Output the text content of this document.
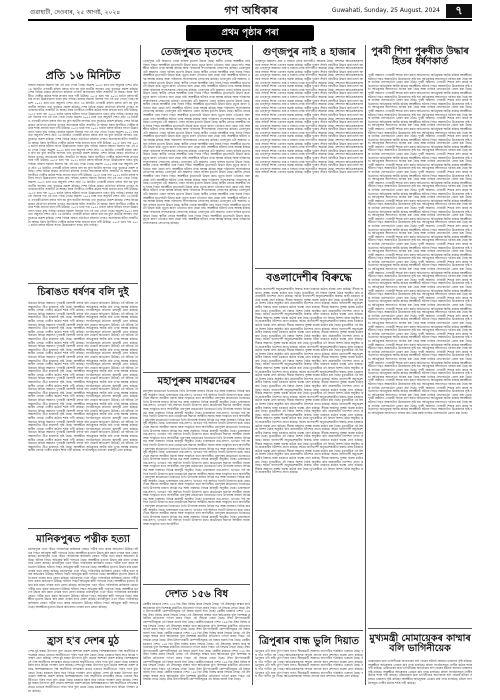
গুৱাহাটী, দেওবাৰ, ২৫ আগষ্ট, ২০২৪	গণ অধিকাৰ	Guwahati, Sunday, 25 August, 2024	৭
প্ৰথম পৃষ্ঠাৰ পৰা
প্ৰতি ১৬ মিনিটত

ৰাজ্যৰ সকলো জিলাৰ পৰা এই তথ্য পোৱা গৈছে। অৱশ্যে ২০২২ চনৰ তথ্য অনুসৰি দেশত প্ৰতি ১৬ মিনিটত এগৰাকী মহিলা ধৰ্ষণৰ বলি হয় বুলি জাতীয় অপৰাধ তথ্য ব্যুৰোৱে প্ৰকাশ কৰিছে। দেশৰ বিভিন্ন প্ৰান্তত প্ৰতিদিনে মহিলাৰ ওপৰত অত্যাচাৰৰ ঘটনা সংঘটিত হৈ আছে। ইয়াৰ বিপৰীতে দোষীক কঠোৰ শাস্তি প্ৰদানৰ বাবে দাবী উঠিছে। ২০১৮ চনৰ পৰা ২০২২ চনলৈ ধৰ্ষণৰ ঘটনাৰ সংখ্যা উল্লেখযোগ্য হাৰত বৃদ্ধি পাইছে। ৰাজ্যৰ সকলো জিলাৰ পৰা এই তথ্য পোৱা গৈছে। অৱশ্যে ২০২২ চনৰ তথ্য অনুসৰি দেশত প্ৰতি ১৬ মিনিটত এগৰাকী মহিলা ধৰ্ষণৰ বলি হয় বুলি জাতীয় অপৰাধ তথ্য ব্যুৰোৱে প্ৰকাশ কৰিছে। দেশৰ বিভিন্ন প্ৰান্তত প্ৰতিদিনে মহিলাৰ ওপৰত অত্যাচাৰৰ ঘটনা সংঘটিত হৈ আছে। ইয়াৰ বিপৰীতে দোষীক কঠোৰ শাস্তি প্ৰদানৰ বাবে দাবী উঠিছে। ২০১৮ চনৰ পৰা ২০২২ চনলৈ ধৰ্ষণৰ ঘটনাৰ সংখ্যা উল্লেখযোগ্য হাৰত বৃদ্ধি পাইছে। ৰাজ্যৰ সকলো জিলাৰ পৰা এই তথ্য পোৱা গৈছে। অৱশ্যে ২০২২ চনৰ তথ্য অনুসৰি দেশত প্ৰতি ১৬ মিনিটত এগৰাকী মহিলা ধৰ্ষণৰ বলি হয় বুলি জাতীয় অপৰাধ তথ্য ব্যুৰোৱে প্ৰকাশ কৰিছে। দেশৰ বিভিন্ন প্ৰান্তত প্ৰতিদিনে মহিলাৰ ওপৰত অত্যাচাৰৰ ঘটনা সংঘটিত হৈ আছে। ইয়াৰ বিপৰীতে দোষীক কঠোৰ শাস্তি প্ৰদানৰ বাবে দাবী উঠিছে। ২০১৮ চনৰ পৰা ২০২২ চনলৈ ধৰ্ষণৰ ঘটনাৰ সংখ্যা উল্লেখযোগ্য হাৰত বৃদ্ধি পাইছে। ৰাজ্যৰ সকলো জিলাৰ পৰা এই তথ্য পোৱা গৈছে। অৱশ্যে ২০২২ চনৰ তথ্য অনুসৰি দেশত প্ৰতি ১৬ মিনিটত এগৰাকী মহিলা ধৰ্ষণৰ বলি হয় বুলি জাতীয় অপৰাধ তথ্য ব্যুৰোৱে প্ৰকাশ কৰিছে। দেশৰ বিভিন্ন প্ৰান্তত প্ৰতিদিনে মহিলাৰ ওপৰত অত্যাচাৰৰ ঘটনা সংঘটিত হৈ আছে। ইয়াৰ বিপৰীতে দোষীক কঠোৰ শাস্তি প্ৰদানৰ বাবে দাবী উঠিছে। ২০১৮ চনৰ পৰা ২০২২ চনলৈ ধৰ্ষণৰ ঘটনাৰ সংখ্যা উল্লেখযোগ্য হাৰত বৃদ্ধি পাইছে। ৰাজ্যৰ সকলো জিলাৰ পৰা এই তথ্য পোৱা গৈছে। অৱশ্যে ২০২২ চনৰ তথ্য অনুসৰি দেশত প্ৰতি ১৬ মিনিটত এগৰাকী মহিলা ধৰ্ষণৰ বলি হয় বুলি জাতীয় অপৰাধ তথ্য ব্যুৰোৱে প্ৰকাশ কৰিছে। দেশৰ বিভিন্ন প্ৰান্তত প্ৰতিদিনে মহিলাৰ ওপৰত অত্যাচাৰৰ ঘটনা সংঘটিত হৈ আছে। ইয়াৰ বিপৰীতে দোষীক কঠোৰ শাস্তি প্ৰদানৰ বাবে দাবী উঠিছে। ২০১৮ চনৰ পৰা ২০২২ চনলৈ ধৰ্ষণৰ ঘটনাৰ সংখ্যা উল্লেখযোগ্য হাৰত বৃদ্ধি পাইছে। ৰাজ্যৰ সকলো জিলাৰ পৰা এই তথ্য পোৱা গৈছে। অৱশ্যে ২০২২ চনৰ তথ্য অনুসৰি দেশত প্ৰতি ১৬ মিনিটত এগৰাকী মহিলা ধৰ্ষণৰ বলি হয় বুলি জাতীয় অপৰাধ তথ্য ব্যুৰোৱে প্ৰকাশ কৰিছে। দেশৰ বিভিন্ন প্ৰান্তত প্ৰতিদিনে মহিলাৰ ওপৰত অত্যাচাৰৰ ঘটনা সংঘটিত হৈ আছে। ইয়াৰ বিপৰীতে দোষীক কঠোৰ শাস্তি প্ৰদানৰ বাবে দাবী উঠিছে। ২০১৮ চনৰ পৰা ২০২২ চনলৈ ধৰ্ষণৰ ঘটনাৰ সংখ্যা উল্লেখযোগ্য হাৰত বৃদ্ধি পাইছে। ৰাজ্যৰ সকলো জিলাৰ পৰা এই তথ্য পোৱা গৈছে। অৱশ্যে ২০২২ চনৰ তথ্য অনুসৰি দেশত প্ৰতি ১৬ মিনিটত এগৰাকী মহিলা ধৰ্ষণৰ বলি হয় বুলি জাতীয় অপৰাধ তথ্য ব্যুৰোৱে প্ৰকাশ কৰিছে। দেশৰ বিভিন্ন প্ৰান্তত প্ৰতিদিনে মহিলাৰ ওপৰত অত্যাচাৰৰ ঘটনা সংঘটিত হৈ আছে। ইয়াৰ বিপৰীতে দোষীক কঠোৰ শাস্তি প্ৰদানৰ বাবে দাবী উঠিছে। ২০১৮ চনৰ পৰা ২০২২ চনলৈ ধৰ্ষণৰ ঘটনাৰ সংখ্যা উল্লেখযোগ্য হাৰত বৃদ্ধি পাইছে। ৰাজ্যৰ সকলো জিলাৰ পৰা এই তথ্য পোৱা গৈছে। অৱশ্যে ২০২২ চনৰ তথ্য অনুসৰি দেশত প্ৰতি ১৬ মিনিটত এগৰাকী মহিলা ধৰ্ষণৰ বলি হয় বুলি জাতীয় অপৰাধ তথ্য ব্যুৰোৱে প্ৰকাশ কৰিছে। দেশৰ বিভিন্ন প্ৰান্তত প্ৰতিদিনে মহিলাৰ ওপৰত অত্যাচাৰৰ ঘটনা সংঘটিত হৈ আছে। ইয়াৰ বিপৰীতে দোষীক কঠোৰ শাস্তি প্ৰদানৰ বাবে দাবী উঠিছে। ২০১৮ চনৰ পৰা ২০২২ চনলৈ ধৰ্ষণৰ ঘটনাৰ সংখ্যা উল্লেখযোগ্য হাৰত বৃদ্ধি পাইছে। ৰাজ্যৰ সকলো জিলাৰ পৰা এই তথ্য পোৱা গৈছে। অৱশ্যে ২০২২ চনৰ তথ্য অনুসৰি দেশত প্ৰতি ১৬ মিনিটত এগৰাকী মহিলা ধৰ্ষণৰ বলি হয় বুলি জাতীয় অপৰাধ তথ্য ব্যুৰোৱে প্ৰকাশ কৰিছে। দেশৰ বিভিন্ন প্ৰান্তত প্ৰতিদিনে মহিলাৰ ওপৰত অত্যাচাৰৰ ঘটনা সংঘটিত হৈ আছে। ইয়াৰ বিপৰীতে দোষীক কঠোৰ শাস্তি প্ৰদানৰ বাবে দাবী উঠিছে। ২০১৮ চনৰ পৰা ২০২২ চনলৈ ধৰ্ষণৰ ঘটনাৰ সংখ্যা উল্লেখযোগ্য হাৰত বৃদ্ধি পাইছে।

চিৰাঙত ধৰ্ষণৰ বলি দুই

চিৰাঙৰ বিভিন্ন অঞ্চলত দুগৰাকী কিশোৰী ধৰ্ষণৰ বলি হোৱাৰ অভিযোগ উঠিছে। এই ঘটনাক লৈ অঞ্চলটোত তীব্ৰ চাঞ্চল্যৰ সৃষ্টি হৈছে। আৰক্ষীয়ে অভিযুক্তক আটক কৰি তদন্ত আৰম্ভ কৰিছে। স্থানীয় লোকে দোষীৰ কঠোৰ শাস্তি দাবী কৰিছে। সংগঠনসমূহে প্ৰতিবাদ কাৰ্যসূচী গ্ৰহণ কৰিছে। চিৰাঙৰ বিভিন্ন অঞ্চলত দুগৰাকী কিশোৰী ধৰ্ষণৰ বলি হোৱাৰ অভিযোগ উঠিছে। এই ঘটনাক লৈ অঞ্চলটোত তীব্ৰ চাঞ্চল্যৰ সৃষ্টি হৈছে। আৰক্ষীয়ে অভিযুক্তক আটক কৰি তদন্ত আৰম্ভ কৰিছে। স্থানীয় লোকে দোষীৰ কঠোৰ শাস্তি দাবী কৰিছে। সংগঠনসমূহে প্ৰতিবাদ কাৰ্যসূচী গ্ৰহণ কৰিছে। চিৰাঙৰ বিভিন্ন অঞ্চলত দুগৰাকী কিশোৰী ধৰ্ষণৰ বলি হোৱাৰ অভিযোগ উঠিছে। এই ঘটনাক লৈ অঞ্চলটোত তীব্ৰ চাঞ্চল্যৰ সৃষ্টি হৈছে। আৰক্ষীয়ে অভিযুক্তক আটক কৰি তদন্ত আৰম্ভ কৰিছে। স্থানীয় লোকে দোষীৰ কঠোৰ শাস্তি দাবী কৰিছে। সংগঠনসমূহে প্ৰতিবাদ কাৰ্যসূচী গ্ৰহণ কৰিছে। চিৰাঙৰ বিভিন্ন অঞ্চলত দুগৰাকী কিশোৰী ধৰ্ষণৰ বলি হোৱাৰ অভিযোগ উঠিছে। এই ঘটনাক লৈ অঞ্চলটোত তীব্ৰ চাঞ্চল্যৰ সৃষ্টি হৈছে। আৰক্ষীয়ে অভিযুক্তক আটক কৰি তদন্ত আৰম্ভ কৰিছে। স্থানীয় লোকে দোষীৰ কঠোৰ শাস্তি দাবী কৰিছে। সংগঠনসমূহে প্ৰতিবাদ কাৰ্যসূচী গ্ৰহণ কৰিছে। চিৰাঙৰ বিভিন্ন অঞ্চলত দুগৰাকী কিশোৰী ধৰ্ষণৰ বলি হোৱাৰ অভিযোগ উঠিছে। এই ঘটনাক লৈ অঞ্চলটোত তীব্ৰ চাঞ্চল্যৰ সৃষ্টি হৈছে। আৰক্ষীয়ে অভিযুক্তক আটক কৰি তদন্ত আৰম্ভ কৰিছে। স্থানীয় লোকে দোষীৰ কঠোৰ শাস্তি দাবী কৰিছে। সংগঠনসমূহে প্ৰতিবাদ কাৰ্যসূচী গ্ৰহণ কৰিছে। চিৰাঙৰ বিভিন্ন অঞ্চলত দুগৰাকী কিশোৰী ধৰ্ষণৰ বলি হোৱাৰ অভিযোগ উঠিছে। এই ঘটনাক লৈ অঞ্চলটোত তীব্ৰ চাঞ্চল্যৰ সৃষ্টি হৈছে। আৰক্ষীয়ে অভিযুক্তক আটক কৰি তদন্ত আৰম্ভ কৰিছে। স্থানীয় লোকে দোষীৰ কঠোৰ শাস্তি দাবী কৰিছে। সংগঠনসমূহে প্ৰতিবাদ কাৰ্যসূচী গ্ৰহণ কৰিছে। চিৰাঙৰ বিভিন্ন অঞ্চলত দুগৰাকী কিশোৰী ধৰ্ষণৰ বলি হোৱাৰ অভিযোগ উঠিছে। এই ঘটনাক লৈ অঞ্চলটোত তীব্ৰ চাঞ্চল্যৰ সৃষ্টি হৈছে। আৰক্ষীয়ে অভিযুক্তক আটক কৰি তদন্ত আৰম্ভ কৰিছে। স্থানীয় লোকে দোষীৰ কঠোৰ শাস্তি দাবী কৰিছে। সংগঠনসমূহে প্ৰতিবাদ কাৰ্যসূচী গ্ৰহণ কৰিছে। চিৰাঙৰ বিভিন্ন অঞ্চলত দুগৰাকী কিশোৰী ধৰ্ষণৰ বলি হোৱাৰ অভিযোগ উঠিছে। এই ঘটনাক লৈ অঞ্চলটোত তীব্ৰ চাঞ্চল্যৰ সৃষ্টি হৈছে। আৰক্ষীয়ে অভিযুক্তক আটক কৰি তদন্ত আৰম্ভ কৰিছে। স্থানীয় লোকে দোষীৰ কঠোৰ শাস্তি দাবী কৰিছে। সংগঠনসমূহে প্ৰতিবাদ কাৰ্যসূচী গ্ৰহণ কৰিছে। চিৰাঙৰ বিভিন্ন অঞ্চলত দুগৰাকী কিশোৰী ধৰ্ষণৰ বলি হোৱাৰ অভিযোগ উঠিছে। এই ঘটনাক লৈ অঞ্চলটোত তীব্ৰ চাঞ্চল্যৰ সৃষ্টি হৈছে। আৰক্ষীয়ে অভিযুক্তক আটক কৰি তদন্ত আৰম্ভ কৰিছে। স্থানীয় লোকে দোষীৰ কঠোৰ শাস্তি দাবী কৰিছে। সংগঠনসমূহে প্ৰতিবাদ কাৰ্যসূচী গ্ৰহণ কৰিছে। চিৰাঙৰ বিভিন্ন অঞ্চলত দুগৰাকী কিশোৰী ধৰ্ষণৰ বলি হোৱাৰ অভিযোগ উঠিছে। এই ঘটনাক লৈ অঞ্চলটোত তীব্ৰ চাঞ্চল্যৰ সৃষ্টি হৈছে। আৰক্ষীয়ে অভিযুক্তক আটক কৰি তদন্ত আৰম্ভ কৰিছে। স্থানীয় লোকে দোষীৰ কঠোৰ শাস্তি দাবী কৰিছে। সংগঠনসমূহে প্ৰতিবাদ কাৰ্যসূচী গ্ৰহণ কৰিছে। চিৰাঙৰ বিভিন্ন অঞ্চলত দুগৰাকী কিশোৰী ধৰ্ষণৰ বলি হোৱাৰ অভিযোগ উঠিছে। এই ঘটনাক লৈ অঞ্চলটোত তীব্ৰ চাঞ্চল্যৰ সৃষ্টি হৈছে। আৰক্ষীয়ে অভিযুক্তক আটক কৰি তদন্ত আৰম্ভ কৰিছে। স্থানীয় লোকে দোষীৰ কঠোৰ শাস্তি দাবী কৰিছে। সংগঠনসমূহে প্ৰতিবাদ কাৰ্যসূচী গ্ৰহণ কৰিছে। চিৰাঙৰ বিভিন্ন অঞ্চলত দুগৰাকী কিশোৰী ধৰ্ষণৰ বলি হোৱাৰ অভিযোগ উঠিছে। এই ঘটনাক লৈ অঞ্চলটোত তীব্ৰ চাঞ্চল্যৰ সৃষ্টি হৈছে। আৰক্ষীয়ে অভিযুক্তক আটক কৰি তদন্ত আৰম্ভ কৰিছে। স্থানীয় লোকে দোষীৰ কঠোৰ শাস্তি দাবী কৰিছে। সংগঠনসমূহে প্ৰতিবাদ কাৰ্যসূচী গ্ৰহণ কৰিছে। চিৰাঙৰ বিভিন্ন অঞ্চলত দুগৰাকী কিশোৰী ধৰ্ষণৰ বলি হোৱাৰ অভিযোগ উঠিছে। এই ঘটনাক লৈ অঞ্চলটোত তীব্ৰ চাঞ্চল্যৰ সৃষ্টি হৈছে। আৰক্ষীয়ে অভিযুক্তক আটক কৰি তদন্ত আৰম্ভ কৰিছে। স্থানীয় লোকে দোষীৰ কঠোৰ শাস্তি দাবী কৰিছে। সংগঠনসমূহে প্ৰতিবাদ কাৰ্যসূচী গ্ৰহণ কৰিছে। চিৰাঙৰ বিভিন্ন অঞ্চলত দুগৰাকী কিশোৰী ধৰ্ষণৰ বলি হোৱাৰ অভিযোগ উঠিছে। এই ঘটনাক লৈ অঞ্চলটোত তীব্ৰ চাঞ্চল্যৰ সৃষ্টি হৈছে। আৰক্ষীয়ে অভিযুক্তক আটক কৰি তদন্ত আৰম্ভ কৰিছে। স্থানীয় লোকে দোষীৰ কঠোৰ শাস্তি দাবী কৰিছে। সংগঠনসমূহে প্ৰতিবাদ কাৰ্যসূচী গ্ৰহণ কৰিছে।

মানিকপুৰত পত্নীক হত্যা

মানিকপুৰৰ এখন গাঁৱত পাৰিবাৰিক কাজিয়াৰ জেৰত পত্নীক হত্যা কৰাৰ অভিযোগ উঠিছে। ঘটনাৰ পিছত অভিযুক্ত স্বামী পলাতক হৈছে। আৰক্ষীয়ে মৃতদেহ উদ্ধাৰ কৰি ময়না তদন্তৰ বাবে প্ৰেৰণ কৰিছে। মানিকপুৰৰ এখন গাঁৱত পাৰিবাৰিক কাজিয়াৰ জেৰত পত্নীক হত্যা কৰাৰ অভিযোগ উঠিছে। ঘটনাৰ পিছত অভিযুক্ত স্বামী পলাতক হৈছে। আৰক্ষীয়ে মৃতদেহ উদ্ধাৰ কৰি ময়না তদন্তৰ বাবে প্ৰেৰণ কৰিছে। মানিকপুৰৰ এখন গাঁৱত পাৰিবাৰিক কাজিয়াৰ জেৰত পত্নীক হত্যা কৰাৰ অভিযোগ উঠিছে। ঘটনাৰ পিছত অভিযুক্ত স্বামী পলাতক হৈছে। আৰক্ষীয়ে মৃতদেহ উদ্ধাৰ কৰি ময়না তদন্তৰ বাবে প্ৰেৰণ কৰিছে। মানিকপুৰৰ এখন গাঁৱত পাৰিবাৰিক কাজিয়াৰ জেৰত পত্নীক হত্যা কৰাৰ অভিযোগ উঠিছে। ঘটনাৰ পিছত অভিযুক্ত স্বামী পলাতক হৈছে। আৰক্ষীয়ে মৃতদেহ উদ্ধাৰ কৰি ময়না তদন্তৰ বাবে প্ৰেৰণ কৰিছে। মানিকপুৰৰ এখন গাঁৱত পাৰিবাৰিক কাজিয়াৰ জেৰত পত্নীক হত্যা কৰাৰ অভিযোগ উঠিছে। ঘটনাৰ পিছত অভিযুক্ত স্বামী পলাতক হৈছে। আৰক্ষীয়ে মৃতদেহ উদ্ধাৰ কৰি ময়না তদন্তৰ বাবে প্ৰেৰণ কৰিছে। মানিকপুৰৰ এখন গাঁৱত পাৰিবাৰিক কাজিয়াৰ জেৰত পত্নীক হত্যা কৰাৰ অভিযোগ উঠিছে। ঘটনাৰ পিছত অভিযুক্ত স্বামী পলাতক হৈছে। আৰক্ষীয়ে মৃতদেহ উদ্ধাৰ কৰি ময়না তদন্তৰ বাবে প্ৰেৰণ কৰিছে। মানিকপুৰৰ এখন গাঁৱত পাৰিবাৰিক কাজিয়াৰ জেৰত পত্নীক হত্যা কৰাৰ অভিযোগ উঠিছে। ঘটনাৰ পিছত অভিযুক্ত স্বামী পলাতক হৈছে। আৰক্ষীয়ে মৃতদেহ উদ্ধাৰ কৰি ময়না তদন্তৰ বাবে প্ৰেৰণ কৰিছে। মানিকপুৰৰ এখন গাঁৱত পাৰিবাৰিক কাজিয়াৰ জেৰত পত্নীক হত্যা কৰাৰ অভিযোগ উঠিছে। ঘটনাৰ পিছত অভিযুক্ত স্বামী পলাতক হৈছে। আৰক্ষীয়ে মৃতদেহ উদ্ধাৰ কৰি ময়না তদন্তৰ বাবে প্ৰেৰণ কৰিছে।

হ্ৰাস হ'ব দেশৰ মুঠ

দেশৰ মুঠ ঘৰুৱা উৎপাদন হ্ৰাস হোৱাৰ আশংকা প্ৰকাশ কৰিছে বিশেষজ্ঞসকলে। বিশ্ব অৰ্থনীতিৰ মন্দাৱস্থাৰ প্ৰভাৱ ভাৰতৰ অৰ্থনীতিতো পৰিব পাৰে বুলি কোৱা হৈছে। চৰকাৰে ইয়াৰ বাবে বিভিন্ন পদক্ষেপ গ্ৰহণ কৰিছে। দেশৰ মুঠ ঘৰুৱা উৎপাদন হ্ৰাস হোৱাৰ আশংকা প্ৰকাশ কৰিছে বিশেষজ্ঞসকলে। বিশ্ব অৰ্থনীতিৰ মন্দাৱস্থাৰ প্ৰভাৱ ভাৰতৰ অৰ্থনীতিতো পৰিব পাৰে বুলি কোৱা হৈছে। চৰকাৰে ইয়াৰ বাবে বিভিন্ন পদক্ষেপ গ্ৰহণ কৰিছে। দেশৰ মুঠ ঘৰুৱা উৎপাদন হ্ৰাস হোৱাৰ আশংকা প্ৰকাশ কৰিছে বিশেষজ্ঞসকলে। বিশ্ব অৰ্থনীতিৰ মন্দাৱস্থাৰ প্ৰভাৱ ভাৰতৰ অৰ্থনীতিতো পৰিব পাৰে বুলি কোৱা হৈছে। চৰকাৰে ইয়াৰ বাবে বিভিন্ন পদক্ষেপ গ্ৰহণ কৰিছে। দেশৰ মুঠ ঘৰুৱা উৎপাদন হ্ৰাস হোৱাৰ আশংকা প্ৰকাশ কৰিছে বিশেষজ্ঞসকলে। বিশ্ব অৰ্থনীতিৰ মন্দাৱস্থাৰ প্ৰভাৱ ভাৰতৰ অৰ্থনীতিতো পৰিব পাৰে বুলি কোৱা হৈছে। চৰকাৰে ইয়াৰ বাবে বিভিন্ন পদক্ষেপ গ্ৰহণ কৰিছে। দেশৰ মুঠ ঘৰুৱা উৎপাদন হ্ৰাস হোৱাৰ আশংকা প্ৰকাশ কৰিছে বিশেষজ্ঞসকলে। বিশ্ব অৰ্থনীতিৰ মন্দাৱস্থাৰ প্ৰভাৱ ভাৰতৰ অৰ্থনীতিতো পৰিব পাৰে বুলি কোৱা হৈছে। চৰকাৰে ইয়াৰ বাবে বিভিন্ন পদক্ষেপ গ্ৰহণ কৰিছে।

তেজপুৰত মৃতদেহ

তেজপুৰৰ এটা অঞ্চলত এজন ব্যক্তিৰ মৃতদেহ উদ্ধাৰ হৈছে। স্থানীয় লোকে আৰক্ষীক খবৰ দিয়াৰ পিছত আৰক্ষীয়ে মৃতদেহটো উদ্ধাৰ কৰে। মৃত্যুৰ কাৰণ এতিয়াও জনা যোৱা নাই। আৰক্ষীয়ে ঘটনাৰ তদন্ত আৰম্ভ কৰিছে আৰু পৰিয়ালৰ সদস্যসকলক সোধপোছ কৰিছে। তেজপুৰৰ এটা অঞ্চলত এজন ব্যক্তিৰ মৃতদেহ উদ্ধাৰ হৈছে। স্থানীয় লোকে আৰক্ষীক খবৰ দিয়াৰ পিছত আৰক্ষীয়ে মৃতদেহটো উদ্ধাৰ কৰে। মৃত্যুৰ কাৰণ এতিয়াও জনা যোৱা নাই। আৰক্ষীয়ে ঘটনাৰ তদন্ত আৰম্ভ কৰিছে আৰু পৰিয়ালৰ সদস্যসকলক সোধপোছ কৰিছে। তেজপুৰৰ এটা অঞ্চলত এজন ব্যক্তিৰ মৃতদেহ উদ্ধাৰ হৈছে। স্থানীয় লোকে আৰক্ষীক খবৰ দিয়াৰ পিছত আৰক্ষীয়ে মৃতদেহটো উদ্ধাৰ কৰে। মৃত্যুৰ কাৰণ এতিয়াও জনা যোৱা নাই। আৰক্ষীয়ে ঘটনাৰ তদন্ত আৰম্ভ কৰিছে আৰু পৰিয়ালৰ সদস্যসকলক সোধপোছ কৰিছে। তেজপুৰৰ এটা অঞ্চলত এজন ব্যক্তিৰ মৃতদেহ উদ্ধাৰ হৈছে। স্থানীয় লোকে আৰক্ষীক খবৰ দিয়াৰ পিছত আৰক্ষীয়ে মৃতদেহটো উদ্ধাৰ কৰে। মৃত্যুৰ কাৰণ এতিয়াও জনা যোৱা নাই। আৰক্ষীয়ে ঘটনাৰ তদন্ত আৰম্ভ কৰিছে আৰু পৰিয়ালৰ সদস্যসকলক সোধপোছ কৰিছে। তেজপুৰৰ এটা অঞ্চলত এজন ব্যক্তিৰ মৃতদেহ উদ্ধাৰ হৈছে। স্থানীয় লোকে আৰক্ষীক খবৰ দিয়াৰ পিছত আৰক্ষীয়ে মৃতদেহটো উদ্ধাৰ কৰে। মৃত্যুৰ কাৰণ এতিয়াও জনা যোৱা নাই। আৰক্ষীয়ে ঘটনাৰ তদন্ত আৰম্ভ কৰিছে আৰু পৰিয়ালৰ সদস্যসকলক সোধপোছ কৰিছে। তেজপুৰৰ এটা অঞ্চলত এজন ব্যক্তিৰ মৃতদেহ উদ্ধাৰ হৈছে। স্থানীয় লোকে আৰক্ষীক খবৰ দিয়াৰ পিছত আৰক্ষীয়ে মৃতদেহটো উদ্ধাৰ কৰে। মৃত্যুৰ কাৰণ এতিয়াও জনা যোৱা নাই। আৰক্ষীয়ে ঘটনাৰ তদন্ত আৰম্ভ কৰিছে আৰু পৰিয়ালৰ সদস্যসকলক সোধপোছ কৰিছে। তেজপুৰৰ এটা অঞ্চলত এজন ব্যক্তিৰ মৃতদেহ উদ্ধাৰ হৈছে। স্থানীয় লোকে আৰক্ষীক খবৰ দিয়াৰ পিছত আৰক্ষীয়ে মৃতদেহটো উদ্ধাৰ কৰে। মৃত্যুৰ কাৰণ এতিয়াও জনা যোৱা নাই। আৰক্ষীয়ে ঘটনাৰ তদন্ত আৰম্ভ কৰিছে আৰু পৰিয়ালৰ সদস্যসকলক সোধপোছ কৰিছে। তেজপুৰৰ এটা অঞ্চলত এজন ব্যক্তিৰ মৃতদেহ উদ্ধাৰ হৈছে। স্থানীয় লোকে আৰক্ষীক খবৰ দিয়াৰ পিছত আৰক্ষীয়ে মৃতদেহটো উদ্ধাৰ কৰে। মৃত্যুৰ কাৰণ এতিয়াও জনা যোৱা নাই। আৰক্ষীয়ে ঘটনাৰ তদন্ত আৰম্ভ কৰিছে আৰু পৰিয়ালৰ সদস্যসকলক সোধপোছ কৰিছে। তেজপুৰৰ এটা অঞ্চলত এজন ব্যক্তিৰ মৃতদেহ উদ্ধাৰ হৈছে। স্থানীয় লোকে আৰক্ষীক খবৰ দিয়াৰ পিছত আৰক্ষীয়ে মৃতদেহটো উদ্ধাৰ কৰে। মৃত্যুৰ কাৰণ এতিয়াও জনা যোৱা নাই। আৰক্ষীয়ে ঘটনাৰ তদন্ত আৰম্ভ কৰিছে আৰু পৰিয়ালৰ সদস্যসকলক সোধপোছ কৰিছে। তেজপুৰৰ এটা অঞ্চলত এজন ব্যক্তিৰ মৃতদেহ উদ্ধাৰ হৈছে। স্থানীয় লোকে আৰক্ষীক খবৰ দিয়াৰ পিছত আৰক্ষীয়ে মৃতদেহটো উদ্ধাৰ কৰে। মৃত্যুৰ কাৰণ এতিয়াও জনা যোৱা নাই। আৰক্ষীয়ে ঘটনাৰ তদন্ত আৰম্ভ কৰিছে আৰু পৰিয়ালৰ সদস্যসকলক সোধপোছ কৰিছে। তেজপুৰৰ এটা অঞ্চলত এজন ব্যক্তিৰ মৃতদেহ উদ্ধাৰ হৈছে। স্থানীয় লোকে আৰক্ষীক খবৰ দিয়াৰ পিছত আৰক্ষীয়ে মৃতদেহটো উদ্ধাৰ কৰে। মৃত্যুৰ কাৰণ এতিয়াও জনা যোৱা নাই। আৰক্ষীয়ে ঘটনাৰ তদন্ত আৰম্ভ কৰিছে আৰু পৰিয়ালৰ সদস্যসকলক সোধপোছ কৰিছে। তেজপুৰৰ এটা অঞ্চলত এজন ব্যক্তিৰ মৃতদেহ উদ্ধাৰ হৈছে। স্থানীয় লোকে আৰক্ষীক খবৰ দিয়াৰ পিছত আৰক্ষীয়ে মৃতদেহটো উদ্ধাৰ কৰে। মৃত্যুৰ কাৰণ এতিয়াও জনা যোৱা নাই। আৰক্ষীয়ে ঘটনাৰ তদন্ত আৰম্ভ কৰিছে আৰু পৰিয়ালৰ সদস্যসকলক সোধপোছ কৰিছে। তেজপুৰৰ এটা অঞ্চলত এজন ব্যক্তিৰ মৃতদেহ উদ্ধাৰ হৈছে। স্থানীয় লোকে আৰক্ষীক খবৰ দিয়াৰ পিছত আৰক্ষীয়ে মৃতদেহটো উদ্ধাৰ কৰে। মৃত্যুৰ কাৰণ এতিয়াও জনা যোৱা নাই। আৰক্ষীয়ে ঘটনাৰ তদন্ত আৰম্ভ কৰিছে আৰু পৰিয়ালৰ সদস্যসকলক সোধপোছ কৰিছে। তেজপুৰৰ এটা অঞ্চলত এজন ব্যক্তিৰ মৃতদেহ উদ্ধাৰ হৈছে। স্থানীয় লোকে আৰক্ষীক খবৰ দিয়াৰ পিছত আৰক্ষীয়ে মৃতদেহটো উদ্ধাৰ কৰে। মৃত্যুৰ কাৰণ এতিয়াও জনা যোৱা নাই। আৰক্ষীয়ে ঘটনাৰ তদন্ত আৰম্ভ কৰিছে আৰু পৰিয়ালৰ সদস্যসকলক সোধপোছ কৰিছে। তেজপুৰৰ এটা অঞ্চলত এজন ব্যক্তিৰ মৃতদেহ উদ্ধাৰ হৈছে। স্থানীয় লোকে আৰক্ষীক খবৰ দিয়াৰ পিছত আৰক্ষীয়ে মৃতদেহটো উদ্ধাৰ কৰে। মৃত্যুৰ কাৰণ এতিয়াও জনা যোৱা নাই। আৰক্ষীয়ে ঘটনাৰ তদন্ত আৰম্ভ কৰিছে আৰু পৰিয়ালৰ সদস্যসকলক সোধপোছ কৰিছে। তেজপুৰৰ এটা অঞ্চলত এজন ব্যক্তিৰ মৃতদেহ উদ্ধাৰ হৈছে। স্থানীয় লোকে আৰক্ষীক খবৰ দিয়াৰ পিছত আৰক্ষীয়ে মৃতদেহটো উদ্ধাৰ কৰে। মৃত্যুৰ কাৰণ এতিয়াও জনা যোৱা নাই। আৰক্ষীয়ে ঘটনাৰ তদন্ত আৰম্ভ কৰিছে আৰু পৰিয়ালৰ সদস্যসকলক সোধপোছ কৰিছে।

মহাপুৰুষ মাধৱদেৱৰ

মহাপুৰুষ মাধৱদেৱৰ তিৰোভাৱ তিথি উপলক্ষে ৰাজ্যৰ বিভিন্ন সত্ৰ আৰু নামঘৰত বিভিন্ন কাৰ্যসূচী অনুষ্ঠিত হৈছে। ভক্তসকলে নাম-প্ৰসংগ, ভাগৱত পাঠ আদিৰে দিনটো উদযাপন কৰে। মাধৱদেৱৰ অৱদান অসমীয়া সমাজ আৰু সংস্কৃতিৰ বাবে অপৰিসীম। মহাপুৰুষ মাধৱদেৱৰ তিৰোভাৱ তিথি উপলক্ষে ৰাজ্যৰ বিভিন্ন সত্ৰ আৰু নামঘৰত বিভিন্ন কাৰ্যসূচী অনুষ্ঠিত হৈছে। ভক্তসকলে নাম-প্ৰসংগ, ভাগৱত পাঠ আদিৰে দিনটো উদযাপন কৰে। মাধৱদেৱৰ অৱদান অসমীয়া সমাজ আৰু সংস্কৃতিৰ বাবে অপৰিসীম। মহাপুৰুষ মাধৱদেৱৰ তিৰোভাৱ তিথি উপলক্ষে ৰাজ্যৰ বিভিন্ন সত্ৰ আৰু নামঘৰত বিভিন্ন কাৰ্যসূচী অনুষ্ঠিত হৈছে। ভক্তসকলে নাম-প্ৰসংগ, ভাগৱত পাঠ আদিৰে দিনটো উদযাপন কৰে। মাধৱদেৱৰ অৱদান অসমীয়া সমাজ আৰু সংস্কৃতিৰ বাবে অপৰিসীম। মহাপুৰুষ মাধৱদেৱৰ তিৰোভাৱ তিথি উপলক্ষে ৰাজ্যৰ বিভিন্ন সত্ৰ আৰু নামঘৰত বিভিন্ন কাৰ্যসূচী অনুষ্ঠিত হৈছে। ভক্তসকলে নাম-প্ৰসংগ, ভাগৱত পাঠ আদিৰে দিনটো উদযাপন কৰে। মাধৱদেৱৰ অৱদান অসমীয়া সমাজ আৰু সংস্কৃতিৰ বাবে অপৰিসীম। মহাপুৰুষ মাধৱদেৱৰ তিৰোভাৱ তিথি উপলক্ষে ৰাজ্যৰ বিভিন্ন সত্ৰ আৰু নামঘৰত বিভিন্ন কাৰ্যসূচী অনুষ্ঠিত হৈছে। ভক্তসকলে নাম-প্ৰসংগ, ভাগৱত পাঠ আদিৰে দিনটো উদযাপন কৰে। মাধৱদেৱৰ অৱদান অসমীয়া সমাজ আৰু সংস্কৃতিৰ বাবে অপৰিসীম। মহাপুৰুষ মাধৱদেৱৰ তিৰোভাৱ তিথি উপলক্ষে ৰাজ্যৰ বিভিন্ন সত্ৰ আৰু নামঘৰত বিভিন্ন কাৰ্যসূচী অনুষ্ঠিত হৈছে। ভক্তসকলে নাম-প্ৰসংগ, ভাগৱত পাঠ আদিৰে দিনটো উদযাপন কৰে। মাধৱদেৱৰ অৱদান অসমীয়া সমাজ আৰু সংস্কৃতিৰ বাবে অপৰিসীম। মহাপুৰুষ মাধৱদেৱৰ তিৰোভাৱ তিথি উপলক্ষে ৰাজ্যৰ বিভিন্ন সত্ৰ আৰু নামঘৰত বিভিন্ন কাৰ্যসূচী অনুষ্ঠিত হৈছে। ভক্তসকলে নাম-প্ৰসংগ, ভাগৱত পাঠ আদিৰে দিনটো উদযাপন কৰে। মাধৱদেৱৰ অৱদান অসমীয়া সমাজ আৰু সংস্কৃতিৰ বাবে অপৰিসীম। মহাপুৰুষ মাধৱদেৱৰ তিৰোভাৱ তিথি উপলক্ষে ৰাজ্যৰ বিভিন্ন সত্ৰ আৰু নামঘৰত বিভিন্ন কাৰ্যসূচী অনুষ্ঠিত হৈছে। ভক্তসকলে নাম-প্ৰসংগ, ভাগৱত পাঠ আদিৰে দিনটো উদযাপন কৰে। মাধৱদেৱৰ অৱদান অসমীয়া সমাজ আৰু সংস্কৃতিৰ বাবে অপৰিসীম। মহাপুৰুষ মাধৱদেৱৰ তিৰোভাৱ তিথি উপলক্ষে ৰাজ্যৰ বিভিন্ন সত্ৰ আৰু নামঘৰত বিভিন্ন কাৰ্যসূচী অনুষ্ঠিত হৈছে। ভক্তসকলে নাম-প্ৰসংগ, ভাগৱত পাঠ আদিৰে দিনটো উদযাপন কৰে। মাধৱদেৱৰ অৱদান অসমীয়া সমাজ আৰু সংস্কৃতিৰ বাবে অপৰিসীম। মহাপুৰুষ মাধৱদেৱৰ তিৰোভাৱ তিথি উপলক্ষে ৰাজ্যৰ বিভিন্ন সত্ৰ আৰু নামঘৰত বিভিন্ন কাৰ্যসূচী অনুষ্ঠিত হৈছে। ভক্তসকলে নাম-প্ৰসংগ, ভাগৱত পাঠ আদিৰে দিনটো উদযাপন কৰে। মাধৱদেৱৰ অৱদান অসমীয়া সমাজ আৰু সংস্কৃতিৰ বাবে অপৰিসীম। মহাপুৰুষ মাধৱদেৱৰ তিৰোভাৱ তিথি উপলক্ষে ৰাজ্যৰ বিভিন্ন সত্ৰ আৰু নামঘৰত বিভিন্ন কাৰ্যসূচী অনুষ্ঠিত হৈছে। ভক্তসকলে নাম-প্ৰসংগ, ভাগৱত পাঠ আদিৰে দিনটো উদযাপন কৰে। মাধৱদেৱৰ অৱদান অসমীয়া সমাজ আৰু সংস্কৃতিৰ বাবে অপৰিসীম। মহাপুৰুষ মাধৱদেৱৰ তিৰোভাৱ তিথি উপলক্ষে ৰাজ্যৰ বিভিন্ন সত্ৰ আৰু নামঘৰত বিভিন্ন কাৰ্যসূচী অনুষ্ঠিত হৈছে। ভক্তসকলে নাম-প্ৰসংগ, ভাগৱত পাঠ আদিৰে দিনটো উদযাপন কৰে। মাধৱদেৱৰ অৱদান অসমীয়া সমাজ আৰু সংস্কৃতিৰ বাবে অপৰিসীম। মহাপুৰুষ মাধৱদেৱৰ তিৰোভাৱ তিথি উপলক্ষে ৰাজ্যৰ বিভিন্ন সত্ৰ আৰু নামঘৰত বিভিন্ন কাৰ্যসূচী অনুষ্ঠিত হৈছে। ভক্তসকলে নাম-প্ৰসংগ, ভাগৱত পাঠ আদিৰে দিনটো উদযাপন কৰে। মাধৱদেৱৰ অৱদান অসমীয়া সমাজ আৰু সংস্কৃতিৰ বাবে অপৰিসীম। মহাপুৰুষ মাধৱদেৱৰ তিৰোভাৱ তিথি উপলক্ষে ৰাজ্যৰ বিভিন্ন সত্ৰ আৰু নামঘৰত বিভিন্ন কাৰ্যসূচী অনুষ্ঠিত হৈছে। ভক্তসকলে নাম-প্ৰসংগ, ভাগৱত পাঠ আদিৰে দিনটো উদযাপন কৰে। মাধৱদেৱৰ অৱদান অসমীয়া সমাজ আৰু সংস্কৃতিৰ বাবে অপৰিসীম।

দেশত ১৫৬ বিধ

কেন্দ্ৰীয় চৰকাৰে দেশত ১৫৬ বিধ ঔষধ নিষিদ্ধ কৰাৰ সিদ্ধান্ত লৈছে। এই ঔষধসমূহ স্বাস্থ্যৰ বাবে ক্ষতিকাৰক বুলি বিশেষজ্ঞ কমিটিয়ে প্ৰতিবেদন দাখিল কৰাৰ পিছত এই সিদ্ধান্ত লোৱা হৈছে। ঔষধ উৎপাদনকাৰী কোম্পানীসমূহক এই বিষয়ে জনাই দিয়া হৈছে। কেন্দ্ৰীয় চৰকাৰে দেশত ১৫৬ বিধ ঔষধ নিষিদ্ধ কৰাৰ সিদ্ধান্ত লৈছে। এই ঔষধসমূহ স্বাস্থ্যৰ বাবে ক্ষতিকাৰক বুলি বিশেষজ্ঞ কমিটিয়ে প্ৰতিবেদন দাখিল কৰাৰ পিছত এই সিদ্ধান্ত লোৱা হৈছে। ঔষধ উৎপাদনকাৰী কোম্পানীসমূহক এই বিষয়ে জনাই দিয়া হৈছে। কেন্দ্ৰীয় চৰকাৰে দেশত ১৫৬ বিধ ঔষধ নিষিদ্ধ কৰাৰ সিদ্ধান্ত লৈছে। এই ঔষধসমূহ স্বাস্থ্যৰ বাবে ক্ষতিকাৰক বুলি বিশেষজ্ঞ কমিটিয়ে প্ৰতিবেদন দাখিল কৰাৰ পিছত এই সিদ্ধান্ত লোৱা হৈছে। ঔষধ উৎপাদনকাৰী কোম্পানীসমূহক এই বিষয়ে জনাই দিয়া হৈছে। কেন্দ্ৰীয় চৰকাৰে দেশত ১৫৬ বিধ ঔষধ নিষিদ্ধ কৰাৰ সিদ্ধান্ত লৈছে। এই ঔষধসমূহ স্বাস্থ্যৰ বাবে ক্ষতিকাৰক বুলি বিশেষজ্ঞ কমিটিয়ে প্ৰতিবেদন দাখিল কৰাৰ পিছত এই সিদ্ধান্ত লোৱা হৈছে। ঔষধ উৎপাদনকাৰী কোম্পানীসমূহক এই বিষয়ে জনাই দিয়া হৈছে। কেন্দ্ৰীয় চৰকাৰে দেশত ১৫৬ বিধ ঔষধ নিষিদ্ধ কৰাৰ সিদ্ধান্ত লৈছে। এই ঔষধসমূহ স্বাস্থ্যৰ বাবে ক্ষতিকাৰক বুলি বিশেষজ্ঞ কমিটিয়ে প্ৰতিবেদন দাখিল কৰাৰ পিছত এই সিদ্ধান্ত লোৱা হৈছে। ঔষধ উৎপাদনকাৰী কোম্পানীসমূহক এই বিষয়ে জনাই দিয়া হৈছে। কেন্দ্ৰীয় চৰকাৰে দেশত ১৫৬ বিধ ঔষধ নিষিদ্ধ কৰাৰ সিদ্ধান্ত লৈছে। এই ঔষধসমূহ স্বাস্থ্যৰ বাবে ক্ষতিকাৰক বুলি বিশেষজ্ঞ কমিটিয়ে প্ৰতিবেদন দাখিল কৰাৰ পিছত এই সিদ্ধান্ত লোৱা হৈছে। ঔষধ উৎপাদনকাৰী কোম্পানীসমূহক এই বিষয়ে জনাই দিয়া হৈছে। কেন্দ্ৰীয় চৰকাৰে দেশত ১৫৬ বিধ ঔষধ নিষিদ্ধ কৰাৰ সিদ্ধান্ত লৈছে। এই ঔষধসমূহ স্বাস্থ্যৰ বাবে ক্ষতিকাৰক বুলি বিশেষজ্ঞ কমিটিয়ে প্ৰতিবেদন দাখিল কৰাৰ পিছত এই সিদ্ধান্ত লোৱা হৈছে। ঔষধ উৎপাদনকাৰী কোম্পানীসমূহক এই বিষয়ে জনাই দিয়া হৈছে। কেন্দ্ৰীয় চৰকাৰে দেশত ১৫৬ বিধ ঔষধ নিষিদ্ধ কৰাৰ সিদ্ধান্ত লৈছে। এই ঔষধসমূহ স্বাস্থ্যৰ বাবে ক্ষতিকাৰক বুলি বিশেষজ্ঞ কমিটিয়ে প্ৰতিবেদন দাখিল কৰাৰ পিছত এই সিদ্ধান্ত লোৱা হৈছে। ঔষধ উৎপাদনকাৰী কোম্পানীসমূহক এই বিষয়ে জনাই দিয়া হৈছে।

গুণ্জপুৰ নাই ৪ হাজাৰ

গুণ্জপুৰ অঞ্চলত প্ৰায় ৪ হাজাৰ লোক বানপানীত আক্ৰান্ত হৈছে। প্ৰশাসনে ক্ষতিগ্ৰস্তসকলৰ বাবে সাহায্য শিবিৰ খোলাৰ ব্যৱস্থা কৰিছে। ৰাষ্ট্ৰীয় দুৰ্যোগ সঁহাৰি বাহিনীয়ে উদ্ধাৰ কাৰ্য চলাই আছে। গুণ্জপুৰ অঞ্চলত প্ৰায় ৪ হাজাৰ লোক বানপানীত আক্ৰান্ত হৈছে। প্ৰশাসনে ক্ষতিগ্ৰস্তসকলৰ বাবে সাহায্য শিবিৰ খোলাৰ ব্যৱস্থা কৰিছে। ৰাষ্ট্ৰীয় দুৰ্যোগ সঁহাৰি বাহিনীয়ে উদ্ধাৰ কাৰ্য চলাই আছে। গুণ্জপুৰ অঞ্চলত প্ৰায় ৪ হাজাৰ লোক বানপানীত আক্ৰান্ত হৈছে। প্ৰশাসনে ক্ষতিগ্ৰস্তসকলৰ বাবে সাহায্য শিবিৰ খোলাৰ ব্যৱস্থা কৰিছে। ৰাষ্ট্ৰীয় দুৰ্যোগ সঁহাৰি বাহিনীয়ে উদ্ধাৰ কাৰ্য চলাই আছে। গুণ্জপুৰ অঞ্চলত প্ৰায় ৪ হাজাৰ লোক বানপানীত আক্ৰান্ত হৈছে। প্ৰশাসনে ক্ষতিগ্ৰস্তসকলৰ বাবে সাহায্য শিবিৰ খোলাৰ ব্যৱস্থা কৰিছে। ৰাষ্ট্ৰীয় দুৰ্যোগ সঁহাৰি বাহিনীয়ে উদ্ধাৰ কাৰ্য চলাই আছে। গুণ্জপুৰ অঞ্চলত প্ৰায় ৪ হাজাৰ লোক বানপানীত আক্ৰান্ত হৈছে। প্ৰশাসনে ক্ষতিগ্ৰস্তসকলৰ বাবে সাহায্য শিবিৰ খোলাৰ ব্যৱস্থা কৰিছে। ৰাষ্ট্ৰীয় দুৰ্যোগ সঁহাৰি বাহিনীয়ে উদ্ধাৰ কাৰ্য চলাই আছে। গুণ্জপুৰ অঞ্চলত প্ৰায় ৪ হাজাৰ লোক বানপানীত আক্ৰান্ত হৈছে। প্ৰশাসনে ক্ষতিগ্ৰস্তসকলৰ বাবে সাহায্য শিবিৰ খোলাৰ ব্যৱস্থা কৰিছে। ৰাষ্ট্ৰীয় দুৰ্যোগ সঁহাৰি বাহিনীয়ে উদ্ধাৰ কাৰ্য চলাই আছে। গুণ্জপুৰ অঞ্চলত প্ৰায় ৪ হাজাৰ লোক বানপানীত আক্ৰান্ত হৈছে। প্ৰশাসনে ক্ষতিগ্ৰস্তসকলৰ বাবে সাহায্য শিবিৰ খোলাৰ ব্যৱস্থা কৰিছে। ৰাষ্ট্ৰীয় দুৰ্যোগ সঁহাৰি বাহিনীয়ে উদ্ধাৰ কাৰ্য চলাই আছে। গুণ্জপুৰ অঞ্চলত প্ৰায় ৪ হাজাৰ লোক বানপানীত আক্ৰান্ত হৈছে। প্ৰশাসনে ক্ষতিগ্ৰস্তসকলৰ বাবে সাহায্য শিবিৰ খোলাৰ ব্যৱস্থা কৰিছে। ৰাষ্ট্ৰীয় দুৰ্যোগ সঁহাৰি বাহিনীয়ে উদ্ধাৰ কাৰ্য চলাই আছে। গুণ্জপুৰ অঞ্চলত প্ৰায় ৪ হাজাৰ লোক বানপানীত আক্ৰান্ত হৈছে। প্ৰশাসনে ক্ষতিগ্ৰস্তসকলৰ বাবে সাহায্য শিবিৰ খোলাৰ ব্যৱস্থা কৰিছে। ৰাষ্ট্ৰীয় দুৰ্যোগ সঁহাৰি বাহিনীয়ে উদ্ধাৰ কাৰ্য চলাই আছে। গুণ্জপুৰ অঞ্চলত প্ৰায় ৪ হাজাৰ লোক বানপানীত আক্ৰান্ত হৈছে। প্ৰশাসনে ক্ষতিগ্ৰস্তসকলৰ বাবে সাহায্য শিবিৰ খোলাৰ ব্যৱস্থা কৰিছে। ৰাষ্ট্ৰীয় দুৰ্যোগ সঁহাৰি বাহিনীয়ে উদ্ধাৰ কাৰ্য চলাই আছে। গুণ্জপুৰ অঞ্চলত প্ৰায় ৪ হাজাৰ লোক বানপানীত আক্ৰান্ত হৈছে। প্ৰশাসনে ক্ষতিগ্ৰস্তসকলৰ বাবে সাহায্য শিবিৰ খোলাৰ ব্যৱস্থা কৰিছে। ৰাষ্ট্ৰীয় দুৰ্যোগ সঁহাৰি বাহিনীয়ে উদ্ধাৰ কাৰ্য চলাই আছে। গুণ্জপুৰ অঞ্চলত প্ৰায় ৪ হাজাৰ লোক বানপানীত আক্ৰান্ত হৈছে। প্ৰশাসনে ক্ষতিগ্ৰস্তসকলৰ বাবে সাহায্য শিবিৰ খোলাৰ ব্যৱস্থা কৰিছে। ৰাষ্ট্ৰীয় দুৰ্যোগ সঁহাৰি বাহিনীয়ে উদ্ধাৰ কাৰ্য চলাই আছে। গুণ্জপুৰ অঞ্চলত প্ৰায় ৪ হাজাৰ লোক বানপানীত আক্ৰান্ত হৈছে। প্ৰশাসনে ক্ষতিগ্ৰস্তসকলৰ বাবে সাহায্য শিবিৰ খোলাৰ ব্যৱস্থা কৰিছে। ৰাষ্ট্ৰীয় দুৰ্যোগ সঁহাৰি বাহিনীয়ে উদ্ধাৰ কাৰ্য চলাই আছে। গুণ্জপুৰ অঞ্চলত প্ৰায় ৪ হাজাৰ লোক বানপানীত আক্ৰান্ত হৈছে। প্ৰশাসনে ক্ষতিগ্ৰস্তসকলৰ বাবে সাহায্য শিবিৰ খোলাৰ ব্যৱস্থা কৰিছে। ৰাষ্ট্ৰীয় দুৰ্যোগ সঁহাৰি বাহিনীয়ে উদ্ধাৰ কাৰ্য চলাই আছে। গুণ্জপুৰ অঞ্চলত প্ৰায় ৪ হাজাৰ লোক বানপানীত আক্ৰান্ত হৈছে। প্ৰশাসনে ক্ষতিগ্ৰস্তসকলৰ বাবে সাহায্য শিবিৰ খোলাৰ ব্যৱস্থা কৰিছে। ৰাষ্ট্ৰীয় দুৰ্যোগ সঁহাৰি বাহিনীয়ে উদ্ধাৰ কাৰ্য চলাই আছে। গুণ্জপুৰ অঞ্চলত প্ৰায় ৪ হাজাৰ লোক বানপানীত আক্ৰান্ত হৈছে। প্ৰশাসনে ক্ষতিগ্ৰস্তসকলৰ বাবে সাহায্য শিবিৰ খোলাৰ ব্যৱস্থা কৰিছে। ৰাষ্ট্ৰীয় দুৰ্যোগ সঁহাৰি বাহিনীয়ে উদ্ধাৰ কাৰ্য চলাই আছে।

বঙলাদেশীৰ বিৰুদ্ধে

অবৈধ বাংলাদেশী অনুপ্ৰৱেশকাৰীৰ বিৰুদ্ধে ৰাজ্য চৰকাৰে কঠোৰ ব্যৱস্থা গ্ৰহণ কৰিছে। সীমান্ত অঞ্চলত সুৰক্ষা ব্যৱস্থা কঠোৰ কৰা হৈছে। মুখ্যমন্ত্ৰীয়ে এই বিষয়ে বিশেষ বৈঠক অনুষ্ঠিত কৰি প্ৰয়োজনীয় নিৰ্দেশনা প্ৰদান কৰিছে। অবৈধ বাংলাদেশী অনুপ্ৰৱেশকাৰীৰ বিৰুদ্ধে ৰাজ্য চৰকাৰে কঠোৰ ব্যৱস্থা গ্ৰহণ কৰিছে। সীমান্ত অঞ্চলত সুৰক্ষা ব্যৱস্থা কঠোৰ কৰা হৈছে। মুখ্যমন্ত্ৰীয়ে এই বিষয়ে বিশেষ বৈঠক অনুষ্ঠিত কৰি প্ৰয়োজনীয় নিৰ্দেশনা প্ৰদান কৰিছে। অবৈধ বাংলাদেশী অনুপ্ৰৱেশকাৰীৰ বিৰুদ্ধে ৰাজ্য চৰকাৰে কঠোৰ ব্যৱস্থা গ্ৰহণ কৰিছে। সীমান্ত অঞ্চলত সুৰক্ষা ব্যৱস্থা কঠোৰ কৰা হৈছে। মুখ্যমন্ত্ৰীয়ে এই বিষয়ে বিশেষ বৈঠক অনুষ্ঠিত কৰি প্ৰয়োজনীয় নিৰ্দেশনা প্ৰদান কৰিছে। অবৈধ বাংলাদেশী অনুপ্ৰৱেশকাৰীৰ বিৰুদ্ধে ৰাজ্য চৰকাৰে কঠোৰ ব্যৱস্থা গ্ৰহণ কৰিছে। সীমান্ত অঞ্চলত সুৰক্ষা ব্যৱস্থা কঠোৰ কৰা হৈছে। মুখ্যমন্ত্ৰীয়ে এই বিষয়ে বিশেষ বৈঠক অনুষ্ঠিত কৰি প্ৰয়োজনীয় নিৰ্দেশনা প্ৰদান কৰিছে। অবৈধ বাংলাদেশী অনুপ্ৰৱেশকাৰীৰ বিৰুদ্ধে ৰাজ্য চৰকাৰে কঠোৰ ব্যৱস্থা গ্ৰহণ কৰিছে। সীমান্ত অঞ্চলত সুৰক্ষা ব্যৱস্থা কঠোৰ কৰা হৈছে। মুখ্যমন্ত্ৰীয়ে এই বিষয়ে বিশেষ বৈঠক অনুষ্ঠিত কৰি প্ৰয়োজনীয় নিৰ্দেশনা প্ৰদান কৰিছে। অবৈধ বাংলাদেশী অনুপ্ৰৱেশকাৰীৰ বিৰুদ্ধে ৰাজ্য চৰকাৰে কঠোৰ ব্যৱস্থা গ্ৰহণ কৰিছে। সীমান্ত অঞ্চলত সুৰক্ষা ব্যৱস্থা কঠোৰ কৰা হৈছে। মুখ্যমন্ত্ৰীয়ে এই বিষয়ে বিশেষ বৈঠক অনুষ্ঠিত কৰি প্ৰয়োজনীয় নিৰ্দেশনা প্ৰদান কৰিছে। অবৈধ বাংলাদেশী অনুপ্ৰৱেশকাৰীৰ বিৰুদ্ধে ৰাজ্য চৰকাৰে কঠোৰ ব্যৱস্থা গ্ৰহণ কৰিছে। সীমান্ত অঞ্চলত সুৰক্ষা ব্যৱস্থা কঠোৰ কৰা হৈছে। মুখ্যমন্ত্ৰীয়ে এই বিষয়ে বিশেষ বৈঠক অনুষ্ঠিত কৰি প্ৰয়োজনীয় নিৰ্দেশনা প্ৰদান কৰিছে। অবৈধ বাংলাদেশী অনুপ্ৰৱেশকাৰীৰ বিৰুদ্ধে ৰাজ্য চৰকাৰে কঠোৰ ব্যৱস্থা গ্ৰহণ কৰিছে। সীমান্ত অঞ্চলত সুৰক্ষা ব্যৱস্থা কঠোৰ কৰা হৈছে। মুখ্যমন্ত্ৰীয়ে এই বিষয়ে বিশেষ বৈঠক অনুষ্ঠিত কৰি প্ৰয়োজনীয় নিৰ্দেশনা প্ৰদান কৰিছে। অবৈধ বাংলাদেশী অনুপ্ৰৱেশকাৰীৰ বিৰুদ্ধে ৰাজ্য চৰকাৰে কঠোৰ ব্যৱস্থা গ্ৰহণ কৰিছে। সীমান্ত অঞ্চলত সুৰক্ষা ব্যৱস্থা কঠোৰ কৰা হৈছে। মুখ্যমন্ত্ৰীয়ে এই বিষয়ে বিশেষ বৈঠক অনুষ্ঠিত কৰি প্ৰয়োজনীয় নিৰ্দেশনা প্ৰদান কৰিছে। অবৈধ বাংলাদেশী অনুপ্ৰৱেশকাৰীৰ বিৰুদ্ধে ৰাজ্য চৰকাৰে কঠোৰ ব্যৱস্থা গ্ৰহণ কৰিছে। সীমান্ত অঞ্চলত সুৰক্ষা ব্যৱস্থা কঠোৰ কৰা হৈছে। মুখ্যমন্ত্ৰীয়ে এই বিষয়ে বিশেষ বৈঠক অনুষ্ঠিত কৰি প্ৰয়োজনীয় নিৰ্দেশনা প্ৰদান কৰিছে। অবৈধ বাংলাদেশী অনুপ্ৰৱেশকাৰীৰ বিৰুদ্ধে ৰাজ্য চৰকাৰে কঠোৰ ব্যৱস্থা গ্ৰহণ কৰিছে। সীমান্ত অঞ্চলত সুৰক্ষা ব্যৱস্থা কঠোৰ কৰা হৈছে। মুখ্যমন্ত্ৰীয়ে এই বিষয়ে বিশেষ বৈঠক অনুষ্ঠিত কৰি প্ৰয়োজনীয় নিৰ্দেশনা প্ৰদান কৰিছে। অবৈধ বাংলাদেশী অনুপ্ৰৱেশকাৰীৰ বিৰুদ্ধে ৰাজ্য চৰকাৰে কঠোৰ ব্যৱস্থা গ্ৰহণ কৰিছে। সীমান্ত অঞ্চলত সুৰক্ষা ব্যৱস্থা কঠোৰ কৰা হৈছে। মুখ্যমন্ত্ৰীয়ে এই বিষয়ে বিশেষ বৈঠক অনুষ্ঠিত কৰি প্ৰয়োজনীয় নিৰ্দেশনা প্ৰদান কৰিছে। অবৈধ বাংলাদেশী অনুপ্ৰৱেশকাৰীৰ বিৰুদ্ধে ৰাজ্য চৰকাৰে কঠোৰ ব্যৱস্থা গ্ৰহণ কৰিছে। সীমান্ত অঞ্চলত সুৰক্ষা ব্যৱস্থা কঠোৰ কৰা হৈছে। মুখ্যমন্ত্ৰীয়ে এই বিষয়ে বিশেষ বৈঠক অনুষ্ঠিত কৰি প্ৰয়োজনীয় নিৰ্দেশনা প্ৰদান কৰিছে। অবৈধ বাংলাদেশী অনুপ্ৰৱেশকাৰীৰ বিৰুদ্ধে ৰাজ্য চৰকাৰে কঠোৰ ব্যৱস্থা গ্ৰহণ কৰিছে। সীমান্ত অঞ্চলত সুৰক্ষা ব্যৱস্থা কঠোৰ কৰা হৈছে। মুখ্যমন্ত্ৰীয়ে এই বিষয়ে বিশেষ বৈঠক অনুষ্ঠিত কৰি প্ৰয়োজনীয় নিৰ্দেশনা প্ৰদান কৰিছে। অবৈধ বাংলাদেশী অনুপ্ৰৱেশকাৰীৰ বিৰুদ্ধে ৰাজ্য চৰকাৰে কঠোৰ ব্যৱস্থা গ্ৰহণ কৰিছে। সীমান্ত অঞ্চলত সুৰক্ষা ব্যৱস্থা কঠোৰ কৰা হৈছে। মুখ্যমন্ত্ৰীয়ে এই বিষয়ে বিশেষ বৈঠক অনুষ্ঠিত কৰি প্ৰয়োজনীয় নিৰ্দেশনা প্ৰদান কৰিছে। অবৈধ বাংলাদেশী অনুপ্ৰৱেশকাৰীৰ বিৰুদ্ধে ৰাজ্য চৰকাৰে কঠোৰ ব্যৱস্থা গ্ৰহণ কৰিছে। সীমান্ত অঞ্চলত সুৰক্ষা ব্যৱস্থা কঠোৰ কৰা হৈছে। মুখ্যমন্ত্ৰীয়ে এই বিষয়ে বিশেষ বৈঠক অনুষ্ঠিত কৰি প্ৰয়োজনীয় নিৰ্দেশনা প্ৰদান কৰিছে। অবৈধ বাংলাদেশী অনুপ্ৰৱেশকাৰীৰ বিৰুদ্ধে ৰাজ্য চৰকাৰে কঠোৰ ব্যৱস্থা গ্ৰহণ কৰিছে। সীমান্ত অঞ্চলত সুৰক্ষা ব্যৱস্থা কঠোৰ কৰা হৈছে। মুখ্যমন্ত্ৰীয়ে এই বিষয়ে বিশেষ বৈঠক অনুষ্ঠিত কৰি প্ৰয়োজনীয় নিৰ্দেশনা প্ৰদান কৰিছে। অবৈধ বাংলাদেশী অনুপ্ৰৱেশকাৰীৰ বিৰুদ্ধে ৰাজ্য চৰকাৰে কঠোৰ ব্যৱস্থা গ্ৰহণ কৰিছে। সীমান্ত অঞ্চলত সুৰক্ষা ব্যৱস্থা কঠোৰ কৰা হৈছে। মুখ্যমন্ত্ৰীয়ে এই বিষয়ে বিশেষ বৈঠক অনুষ্ঠিত কৰি প্ৰয়োজনীয় নিৰ্দেশনা প্ৰদান কৰিছে। অবৈধ বাংলাদেশী অনুপ্ৰৱেশকাৰীৰ বিৰুদ্ধে ৰাজ্য চৰকাৰে কঠোৰ ব্যৱস্থা গ্ৰহণ কৰিছে। সীমান্ত অঞ্চলত সুৰক্ষা ব্যৱস্থা কঠোৰ কৰা হৈছে। মুখ্যমন্ত্ৰীয়ে এই বিষয়ে বিশেষ বৈঠক অনুষ্ঠিত কৰি প্ৰয়োজনীয় নিৰ্দেশনা প্ৰদান কৰিছে। অবৈধ বাংলাদেশী অনুপ্ৰৱেশকাৰীৰ বিৰুদ্ধে ৰাজ্য চৰকাৰে কঠোৰ ব্যৱস্থা গ্ৰহণ কৰিছে। সীমান্ত অঞ্চলত সুৰক্ষা ব্যৱস্থা কঠোৰ কৰা হৈছে। মুখ্যমন্ত্ৰীয়ে এই বিষয়ে বিশেষ বৈঠক অনুষ্ঠিত কৰি প্ৰয়োজনীয় নিৰ্দেশনা প্ৰদান কৰিছে। অবৈধ বাংলাদেশী অনুপ্ৰৱেশকাৰীৰ বিৰুদ্ধে ৰাজ্য চৰকাৰে কঠোৰ ব্যৱস্থা গ্ৰহণ কৰিছে। সীমান্ত অঞ্চলত সুৰক্ষা ব্যৱস্থা কঠোৰ কৰা হৈছে। মুখ্যমন্ত্ৰীয়ে এই বিষয়ে বিশেষ বৈঠক অনুষ্ঠিত কৰি প্ৰয়োজনীয় নিৰ্দেশনা প্ৰদান কৰিছে। অবৈধ বাংলাদেশী অনুপ্ৰৱেশকাৰীৰ বিৰুদ্ধে ৰাজ্য চৰকাৰে কঠোৰ ব্যৱস্থা গ্ৰহণ কৰিছে। সীমান্ত অঞ্চলত সুৰক্ষা ব্যৱস্থা কঠোৰ কৰা হৈছে। মুখ্যমন্ত্ৰীয়ে এই বিষয়ে বিশেষ বৈঠক অনুষ্ঠিত কৰি প্ৰয়োজনীয় নিৰ্দেশনা প্ৰদান কৰিছে।

ত্ৰিপুৰাৰ বান্ধ ভুলি দিয়াত

ত্ৰিপুৰাৰ এটা বান্ধ খুলি দিয়াৰ ফলত সীমান্তৱৰ্তী অঞ্চলত বানপানীৰ পৰিস্থিতি গুৰুতৰ হৈছে। বহু গাঁও পানীত বুৰ গৈছে। ক্ষতিগ্ৰস্তসকলক সাহায্য প্ৰদানৰ বাবে প্ৰশাসনে ব্যৱস্থা গ্ৰহণ কৰিছে। ত্ৰিপুৰাৰ এটা বান্ধ খুলি দিয়াৰ ফলত সীমান্তৱৰ্তী অঞ্চলত বানপানীৰ পৰিস্থিতি গুৰুতৰ হৈছে। বহু গাঁও পানীত বুৰ গৈছে। ক্ষতিগ্ৰস্তসকলক সাহায্য প্ৰদানৰ বাবে প্ৰশাসনে ব্যৱস্থা গ্ৰহণ কৰিছে। ত্ৰিপুৰাৰ এটা বান্ধ খুলি দিয়াৰ ফলত সীমান্তৱৰ্তী অঞ্চলত বানপানীৰ পৰিস্থিতি গুৰুতৰ হৈছে। বহু গাঁও পানীত বুৰ গৈছে। ক্ষতিগ্ৰস্তসকলক সাহায্য প্ৰদানৰ বাবে প্ৰশাসনে ব্যৱস্থা গ্ৰহণ কৰিছে। ত্ৰিপুৰাৰ এটা বান্ধ খুলি দিয়াৰ ফলত সীমান্তৱৰ্তী অঞ্চলত বানপানীৰ পৰিস্থিতি গুৰুতৰ হৈছে। বহু গাঁও পানীত বুৰ গৈছে। ক্ষতিগ্ৰস্তসকলক সাহায্য প্ৰদানৰ বাবে প্ৰশাসনে ব্যৱস্থা গ্ৰহণ কৰিছে।

পুৰবী শিশা পুৰুষীত উদ্ধাৰ হিতৰ ধৰ্ষণকাৰ্ত

পুৰবী অঞ্চলত এগৰাকী শিশুক ধৰ্ষণ কৰাৰ অভিযোগত অভিযুক্তক আটক কৰিছে আৰক্ষীয়ে। ঘটনাৰ পিছত অঞ্চলটোত উত্তেজনাৰ সৃষ্টি হয়। অভিযুক্তক আদালতত হাজিৰ কৰা হৈছে আৰু ন্যায়িক হেফাজতলৈ প্ৰেৰণ কৰা হৈছে। পুৰবী অঞ্চলত এগৰাকী শিশুক ধৰ্ষণ কৰাৰ অভিযোগত অভিযুক্তক আটক কৰিছে আৰক্ষীয়ে। ঘটনাৰ পিছত অঞ্চলটোত উত্তেজনাৰ সৃষ্টি হয়। অভিযুক্তক আদালতত হাজিৰ কৰা হৈছে আৰু ন্যায়িক হেফাজতলৈ প্ৰেৰণ কৰা হৈছে। পুৰবী অঞ্চলত এগৰাকী শিশুক ধৰ্ষণ কৰাৰ অভিযোগত অভিযুক্তক আটক কৰিছে আৰক্ষীয়ে। ঘটনাৰ পিছত অঞ্চলটোত উত্তেজনাৰ সৃষ্টি হয়। অভিযুক্তক আদালতত হাজিৰ কৰা হৈছে আৰু ন্যায়িক হেফাজতলৈ প্ৰেৰণ কৰা হৈছে। পুৰবী অঞ্চলত এগৰাকী শিশুক ধৰ্ষণ কৰাৰ অভিযোগত অভিযুক্তক আটক কৰিছে আৰক্ষীয়ে। ঘটনাৰ পিছত অঞ্চলটোত উত্তেজনাৰ সৃষ্টি হয়। অভিযুক্তক আদালতত হাজিৰ কৰা হৈছে আৰু ন্যায়িক হেফাজতলৈ প্ৰেৰণ কৰা হৈছে। পুৰবী অঞ্চলত এগৰাকী শিশুক ধৰ্ষণ কৰাৰ অভিযোগত অভিযুক্তক আটক কৰিছে আৰক্ষীয়ে। ঘটনাৰ পিছত অঞ্চলটোত উত্তেজনাৰ সৃষ্টি হয়। অভিযুক্তক আদালতত হাজিৰ কৰা হৈছে আৰু ন্যায়িক হেফাজতলৈ প্ৰেৰণ কৰা হৈছে। পুৰবী অঞ্চলত এগৰাকী শিশুক ধৰ্ষণ কৰাৰ অভিযোগত অভিযুক্তক আটক কৰিছে আৰক্ষীয়ে। ঘটনাৰ পিছত অঞ্চলটোত উত্তেজনাৰ সৃষ্টি হয়। অভিযুক্তক আদালতত হাজিৰ কৰা হৈছে আৰু ন্যায়িক হেফাজতলৈ প্ৰেৰণ কৰা হৈছে। পুৰবী অঞ্চলত এগৰাকী শিশুক ধৰ্ষণ কৰাৰ অভিযোগত অভিযুক্তক আটক কৰিছে আৰক্ষীয়ে। ঘটনাৰ পিছত অঞ্চলটোত উত্তেজনাৰ সৃষ্টি হয়। অভিযুক্তক আদালতত হাজিৰ কৰা হৈছে আৰু ন্যায়িক হেফাজতলৈ প্ৰেৰণ কৰা হৈছে। পুৰবী অঞ্চলত এগৰাকী শিশুক ধৰ্ষণ কৰাৰ অভিযোগত অভিযুক্তক আটক কৰিছে আৰক্ষীয়ে। ঘটনাৰ পিছত অঞ্চলটোত উত্তেজনাৰ সৃষ্টি হয়। অভিযুক্তক আদালতত হাজিৰ কৰা হৈছে আৰু ন্যায়িক হেফাজতলৈ প্ৰেৰণ কৰা হৈছে। পুৰবী অঞ্চলত এগৰাকী শিশুক ধৰ্ষণ কৰাৰ অভিযোগত অভিযুক্তক আটক কৰিছে আৰক্ষীয়ে। ঘটনাৰ পিছত অঞ্চলটোত উত্তেজনাৰ সৃষ্টি হয়। অভিযুক্তক আদালতত হাজিৰ কৰা হৈছে আৰু ন্যায়িক হেফাজতলৈ প্ৰেৰণ কৰা হৈছে। পুৰবী অঞ্চলত এগৰাকী শিশুক ধৰ্ষণ কৰাৰ অভিযোগত অভিযুক্তক আটক কৰিছে আৰক্ষীয়ে। ঘটনাৰ পিছত অঞ্চলটোত উত্তেজনাৰ সৃষ্টি হয়। অভিযুক্তক আদালতত হাজিৰ কৰা হৈছে আৰু ন্যায়িক হেফাজতলৈ প্ৰেৰণ কৰা হৈছে। পুৰবী অঞ্চলত এগৰাকী শিশুক ধৰ্ষণ কৰাৰ অভিযোগত অভিযুক্তক আটক কৰিছে আৰক্ষীয়ে। ঘটনাৰ পিছত অঞ্চলটোত উত্তেজনাৰ সৃষ্টি হয়। অভিযুক্তক আদালতত হাজিৰ কৰা হৈছে আৰু ন্যায়িক হেফাজতলৈ প্ৰেৰণ কৰা হৈছে। পুৰবী অঞ্চলত এগৰাকী শিশুক ধৰ্ষণ কৰাৰ অভিযোগত অভিযুক্তক আটক কৰিছে আৰক্ষীয়ে। ঘটনাৰ পিছত অঞ্চলটোত উত্তেজনাৰ সৃষ্টি হয়। অভিযুক্তক আদালতত হাজিৰ কৰা হৈছে আৰু ন্যায়িক হেফাজতলৈ প্ৰেৰণ কৰা হৈছে। পুৰবী অঞ্চলত এগৰাকী শিশুক ধৰ্ষণ কৰাৰ অভিযোগত অভিযুক্তক আটক কৰিছে আৰক্ষীয়ে। ঘটনাৰ পিছত অঞ্চলটোত উত্তেজনাৰ সৃষ্টি হয়। অভিযুক্তক আদালতত হাজিৰ কৰা হৈছে আৰু ন্যায়িক হেফাজতলৈ প্ৰেৰণ কৰা হৈছে। পুৰবী অঞ্চলত এগৰাকী শিশুক ধৰ্ষণ কৰাৰ অভিযোগত অভিযুক্তক আটক কৰিছে আৰক্ষীয়ে। ঘটনাৰ পিছত অঞ্চলটোত উত্তেজনাৰ সৃষ্টি হয়। অভিযুক্তক আদালতত হাজিৰ কৰা হৈছে আৰু ন্যায়িক হেফাজতলৈ প্ৰেৰণ কৰা হৈছে। পুৰবী অঞ্চলত এগৰাকী শিশুক ধৰ্ষণ কৰাৰ অভিযোগত অভিযুক্তক আটক কৰিছে আৰক্ষীয়ে। ঘটনাৰ পিছত অঞ্চলটোত উত্তেজনাৰ সৃষ্টি হয়। অভিযুক্তক আদালতত হাজিৰ কৰা হৈছে আৰু ন্যায়িক হেফাজতলৈ প্ৰেৰণ কৰা হৈছে। পুৰবী অঞ্চলত এগৰাকী শিশুক ধৰ্ষণ কৰাৰ অভিযোগত অভিযুক্তক আটক কৰিছে আৰক্ষীয়ে। ঘটনাৰ পিছত অঞ্চলটোত উত্তেজনাৰ সৃষ্টি হয়। অভিযুক্তক আদালতত হাজিৰ কৰা হৈছে আৰু ন্যায়িক হেফাজতলৈ প্ৰেৰণ কৰা হৈছে। পুৰবী অঞ্চলত এগৰাকী শিশুক ধৰ্ষণ কৰাৰ অভিযোগত অভিযুক্তক আটক কৰিছে আৰক্ষীয়ে। ঘটনাৰ পিছত অঞ্চলটোত উত্তেজনাৰ সৃষ্টি হয়। অভিযুক্তক আদালতত হাজিৰ কৰা হৈছে আৰু ন্যায়িক হেফাজতলৈ প্ৰেৰণ কৰা হৈছে। পুৰবী অঞ্চলত এগৰাকী শিশুক ধৰ্ষণ কৰাৰ অভিযোগত অভিযুক্তক আটক কৰিছে আৰক্ষীয়ে। ঘটনাৰ পিছত অঞ্চলটোত উত্তেজনাৰ সৃষ্টি হয়। অভিযুক্তক আদালতত হাজিৰ কৰা হৈছে আৰু ন্যায়িক হেফাজতলৈ প্ৰেৰণ কৰা হৈছে। পুৰবী অঞ্চলত এগৰাকী শিশুক ধৰ্ষণ কৰাৰ অভিযোগত অভিযুক্তক আটক কৰিছে আৰক্ষীয়ে। ঘটনাৰ পিছত অঞ্চলটোত উত্তেজনাৰ সৃষ্টি হয়। অভিযুক্তক আদালতত হাজিৰ কৰা হৈছে আৰু ন্যায়িক হেফাজতলৈ প্ৰেৰণ কৰা হৈছে। পুৰবী অঞ্চলত এগৰাকী শিশুক ধৰ্ষণ কৰাৰ অভিযোগত অভিযুক্তক আটক কৰিছে আৰক্ষীয়ে। ঘটনাৰ পিছত অঞ্চলটোত উত্তেজনাৰ সৃষ্টি হয়। অভিযুক্তক আদালতত হাজিৰ কৰা হৈছে আৰু ন্যায়িক হেফাজতলৈ প্ৰেৰণ কৰা হৈছে। পুৰবী অঞ্চলত এগৰাকী শিশুক ধৰ্ষণ কৰাৰ অভিযোগত অভিযুক্তক আটক কৰিছে আৰক্ষীয়ে। ঘটনাৰ পিছত অঞ্চলটোত উত্তেজনাৰ সৃষ্টি হয়। অভিযুক্তক আদালতত হাজিৰ কৰা হৈছে আৰু ন্যায়িক হেফাজতলৈ প্ৰেৰণ কৰা হৈছে। পুৰবী অঞ্চলত এগৰাকী শিশুক ধৰ্ষণ কৰাৰ অভিযোগত অভিযুক্তক আটক কৰিছে আৰক্ষীয়ে। ঘটনাৰ পিছত অঞ্চলটোত উত্তেজনাৰ সৃষ্টি হয়। অভিযুক্তক আদালতত হাজিৰ কৰা হৈছে আৰু ন্যায়িক হেফাজতলৈ প্ৰেৰণ কৰা হৈছে। পুৰবী অঞ্চলত এগৰাকী শিশুক ধৰ্ষণ কৰাৰ অভিযোগত অভিযুক্তক আটক কৰিছে আৰক্ষীয়ে। ঘটনাৰ পিছত অঞ্চলটোত উত্তেজনাৰ সৃষ্টি হয়। অভিযুক্তক আদালতত হাজিৰ কৰা হৈছে আৰু ন্যায়িক হেফাজতলৈ প্ৰেৰণ কৰা হৈছে। পুৰবী অঞ্চলত এগৰাকী শিশুক ধৰ্ষণ কৰাৰ অভিযোগত অভিযুক্তক আটক কৰিছে আৰক্ষীয়ে। ঘটনাৰ পিছত অঞ্চলটোত উত্তেজনাৰ সৃষ্টি হয়। অভিযুক্তক আদালতত হাজিৰ কৰা হৈছে আৰু ন্যায়িক হেফাজতলৈ প্ৰেৰণ কৰা হৈছে। পুৰবী অঞ্চলত এগৰাকী শিশুক ধৰ্ষণ কৰাৰ অভিযোগত অভিযুক্তক আটক কৰিছে আৰক্ষীয়ে। ঘটনাৰ পিছত অঞ্চলটোত উত্তেজনাৰ সৃষ্টি হয়। অভিযুক্তক আদালতত হাজিৰ কৰা হৈছে আৰু ন্যায়িক হেফাজতলৈ প্ৰেৰণ কৰা হৈছে। পুৰবী অঞ্চলত এগৰাকী শিশুক ধৰ্ষণ কৰাৰ অভিযোগত অভিযুক্তক আটক কৰিছে আৰক্ষীয়ে। ঘটনাৰ পিছত অঞ্চলটোত উত্তেজনাৰ সৃষ্টি হয়। অভিযুক্তক আদালতত হাজিৰ কৰা হৈছে আৰু ন্যায়িক হেফাজতলৈ প্ৰেৰণ কৰা হৈছে। পুৰবী অঞ্চলত এগৰাকী শিশুক ধৰ্ষণ কৰাৰ অভিযোগত অভিযুক্তক আটক কৰিছে আৰক্ষীয়ে। ঘটনাৰ পিছত অঞ্চলটোত উত্তেজনাৰ সৃষ্টি হয়। অভিযুক্তক আদালতত হাজিৰ কৰা হৈছে আৰু ন্যায়িক হেফাজতলৈ প্ৰেৰণ কৰা হৈছে। পুৰবী অঞ্চলত এগৰাকী শিশুক ধৰ্ষণ কৰাৰ অভিযোগত অভিযুক্তক আটক কৰিছে আৰক্ষীয়ে। ঘটনাৰ পিছত অঞ্চলটোত উত্তেজনাৰ সৃষ্টি হয়। অভিযুক্তক আদালতত হাজিৰ কৰা হৈছে আৰু ন্যায়িক হেফাজতলৈ প্ৰেৰণ কৰা হৈছে। পুৰবী অঞ্চলত এগৰাকী শিশুক ধৰ্ষণ কৰাৰ অভিযোগত অভিযুক্তক আটক কৰিছে আৰক্ষীয়ে। ঘটনাৰ পিছত অঞ্চলটোত উত্তেজনাৰ সৃষ্টি হয়। অভিযুক্তক আদালতত হাজিৰ কৰা হৈছে আৰু ন্যায়িক হেফাজতলৈ প্ৰেৰণ কৰা হৈছে। পুৰবী অঞ্চলত এগৰাকী শিশুক ধৰ্ষণ কৰাৰ অভিযোগত অভিযুক্তক আটক কৰিছে আৰক্ষীয়ে। ঘটনাৰ পিছত অঞ্চলটোত উত্তেজনাৰ সৃষ্টি হয়। অভিযুক্তক আদালতত হাজিৰ কৰা হৈছে আৰু ন্যায়িক হেফাজতলৈ প্ৰেৰণ কৰা হৈছে। পুৰবী অঞ্চলত এগৰাকী শিশুক ধৰ্ষণ কৰাৰ অভিযোগত অভিযুক্তক আটক কৰিছে আৰক্ষীয়ে। ঘটনাৰ পিছত অঞ্চলটোত উত্তেজনাৰ সৃষ্টি হয়। অভিযুক্তক আদালতত হাজিৰ কৰা হৈছে আৰু ন্যায়িক হেফাজতলৈ প্ৰেৰণ কৰা হৈছে। পুৰবী অঞ্চলত এগৰাকী শিশুক ধৰ্ষণ কৰাৰ অভিযোগত অভিযুক্তক আটক কৰিছে আৰক্ষীয়ে। ঘটনাৰ পিছত অঞ্চলটোত উত্তেজনাৰ সৃষ্টি হয়। অভিযুক্তক আদালতত হাজিৰ কৰা হৈছে আৰু ন্যায়িক হেফাজতলৈ প্ৰেৰণ কৰা হৈছে। পুৰবী অঞ্চলত এগৰাকী শিশুক ধৰ্ষণ কৰাৰ অভিযোগত অভিযুক্তক আটক কৰিছে আৰক্ষীয়ে। ঘটনাৰ পিছত অঞ্চলটোত উত্তেজনাৰ সৃষ্টি হয়। অভিযুক্তক আদালতত হাজিৰ কৰা হৈছে আৰু ন্যায়িক হেফাজতলৈ প্ৰেৰণ কৰা হৈছে। পুৰবী অঞ্চলত এগৰাকী শিশুক ধৰ্ষণ কৰাৰ অভিযোগত অভিযুক্তক আটক কৰিছে আৰক্ষীয়ে। ঘটনাৰ পিছত অঞ্চলটোত উত্তেজনাৰ সৃষ্টি হয়। অভিযুক্তক আদালতত হাজিৰ কৰা হৈছে আৰু ন্যায়িক হেফাজতলৈ প্ৰেৰণ কৰা হৈছে। পুৰবী অঞ্চলত এগৰাকী শিশুক ধৰ্ষণ কৰাৰ অভিযোগত অভিযুক্তক আটক কৰিছে আৰক্ষীয়ে। ঘটনাৰ পিছত অঞ্চলটোত উত্তেজনাৰ সৃষ্টি হয়। অভিযুক্তক আদালতত হাজিৰ কৰা হৈছে আৰু ন্যায়িক হেফাজতলৈ প্ৰেৰণ কৰা হৈছে। পুৰবী অঞ্চলত এগৰাকী শিশুক ধৰ্ষণ কৰাৰ অভিযোগত অভিযুক্তক আটক কৰিছে আৰক্ষীয়ে। ঘটনাৰ পিছত অঞ্চলটোত উত্তেজনাৰ সৃষ্টি হয়। অভিযুক্তক আদালতত হাজিৰ কৰা হৈছে আৰু ন্যায়িক হেফাজতলৈ প্ৰেৰণ কৰা হৈছে। পুৰবী অঞ্চলত এগৰাকী শিশুক ধৰ্ষণ কৰাৰ অভিযোগত অভিযুক্তক আটক কৰিছে আৰক্ষীয়ে। ঘটনাৰ পিছত অঞ্চলটোত উত্তেজনাৰ সৃষ্টি হয়। অভিযুক্তক আদালতত হাজিৰ কৰা হৈছে আৰু ন্যায়িক হেফাজতলৈ প্ৰেৰণ কৰা হৈছে। পুৰবী অঞ্চলত এগৰাকী শিশুক ধৰ্ষণ কৰাৰ অভিযোগত অভিযুক্তক আটক কৰিছে আৰক্ষীয়ে। ঘটনাৰ পিছত অঞ্চলটোত উত্তেজনাৰ সৃষ্টি হয়। অভিযুক্তক আদালতত হাজিৰ কৰা হৈছে আৰু ন্যায়িক হেফাজতলৈ প্ৰেৰণ কৰা হৈছে।

মুখ্যমন্ত্ৰী মোমায়েকৰ কাম্মাৰ বলি ভাগিনীয়েক

মোমায়েকৰ দ্বাৰা ভাগিনীয়েক অত্যাচাৰৰ বলি হোৱাৰ ঘটনাই সমাজত চাঞ্চল্যৰ সৃষ্টি কৰিছে। আৰক্ষীয়ে অভিযুক্তক গ্ৰেপ্তাৰ কৰি তদন্ত চলাইছে। মহিলা সংগঠনসমূহে দোষীৰ কঠোৰ শাস্তি দাবী কৰিছে। মোমায়েকৰ দ্বাৰা ভাগিনীয়েক অত্যাচাৰৰ বলি হোৱাৰ ঘটনাই সমাজত চাঞ্চল্যৰ সৃষ্টি কৰিছে। আৰক্ষীয়ে অভিযুক্তক গ্ৰেপ্তাৰ কৰি তদন্ত চলাইছে। মহিলা সংগঠনসমূহে দোষীৰ কঠোৰ শাস্তি দাবী কৰিছে। মোমায়েকৰ দ্বাৰা ভাগিনীয়েক অত্যাচাৰৰ বলি হোৱাৰ ঘটনাই সমাজত চাঞ্চল্যৰ সৃষ্টি কৰিছে। আৰক্ষীয়ে অভিযুক্তক গ্ৰেপ্তাৰ কৰি তদন্ত চলাইছে। মহিলা সংগঠনসমূহে দোষীৰ কঠোৰ শাস্তি দাবী কৰিছে।
